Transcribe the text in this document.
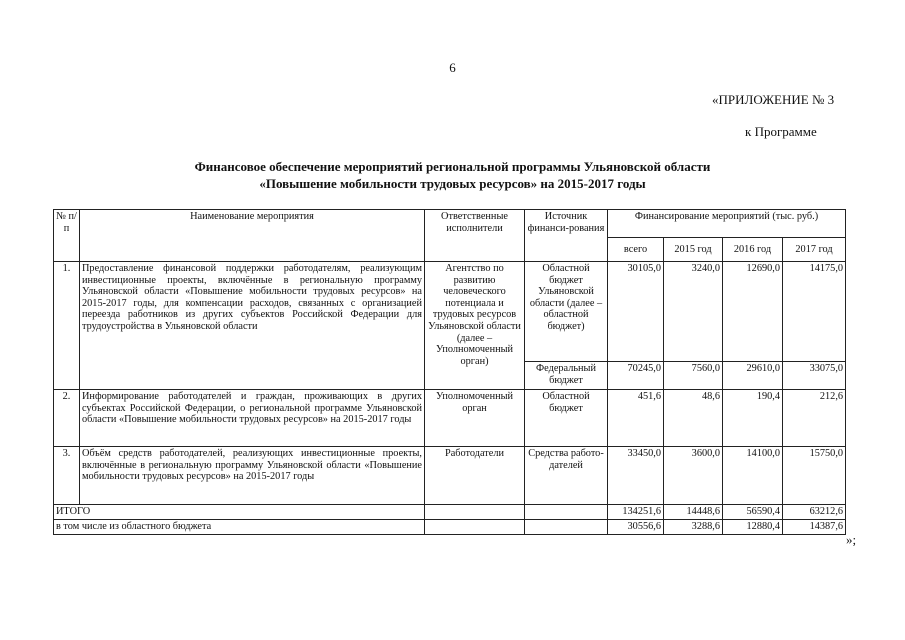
6
«ПРИЛОЖЕНИЕ № 3
к Программе
Финансовое обеспечение мероприятий региональной программы Ульяновской области
«Повышение мобильности трудовых ресурсов» на 2015-2017 годы
№ п/п	Наименование мероприятия	Ответственные исполнители	Источник финанси-рования	Финансирование мероприятий (тыс. руб.)			
				всего	2015 год	2016 год	2017 год
1.	Предоставление финансовой поддержки работодателям, реализующим инвестиционные проекты, включённые в региональную программу Ульяновской области «Повышение мобильности трудовых ресурсов» на 2015-2017 годы, для компенсации расходов, связанных с организацией переезда работников из других субъектов Российской Федерации для трудоустройства в Ульяновской области	Агентство по развитию человеческого потенциала и трудовых ресурсов Ульяновской области (далее – Уполномоченный орган)	Областной бюджет Ульяновской области (далее – областной бюджет)	30105,0	3240,0	12690,0	14175,0
			Федеральный бюджет	70245,0	7560,0	29610,0	33075,0
2.	Информирование работодателей и граждан, проживающих в других субъектах Российской Федерации, о региональной программе Ульяновской области «Повышение мобильности трудовых ресурсов» на 2015-2017 годы	Уполномоченный орган	Областной бюджет	451,6	48,6	190,4	212,6
3.	Объём средств работодателей, реализующих инвестиционные проекты, включённые в региональную программу Ульяновской области «Повышение мобильности трудовых ресурсов» на 2015-2017 годы	Работодатели	Средства работо-дателей	33450,0	3600,0	14100,0	15750,0
ИТОГО				134251,6	14448,6	56590,4	63212,6
в том числе из областного бюджета				30556,6	3288,6	12880,4	14387,6
»;
